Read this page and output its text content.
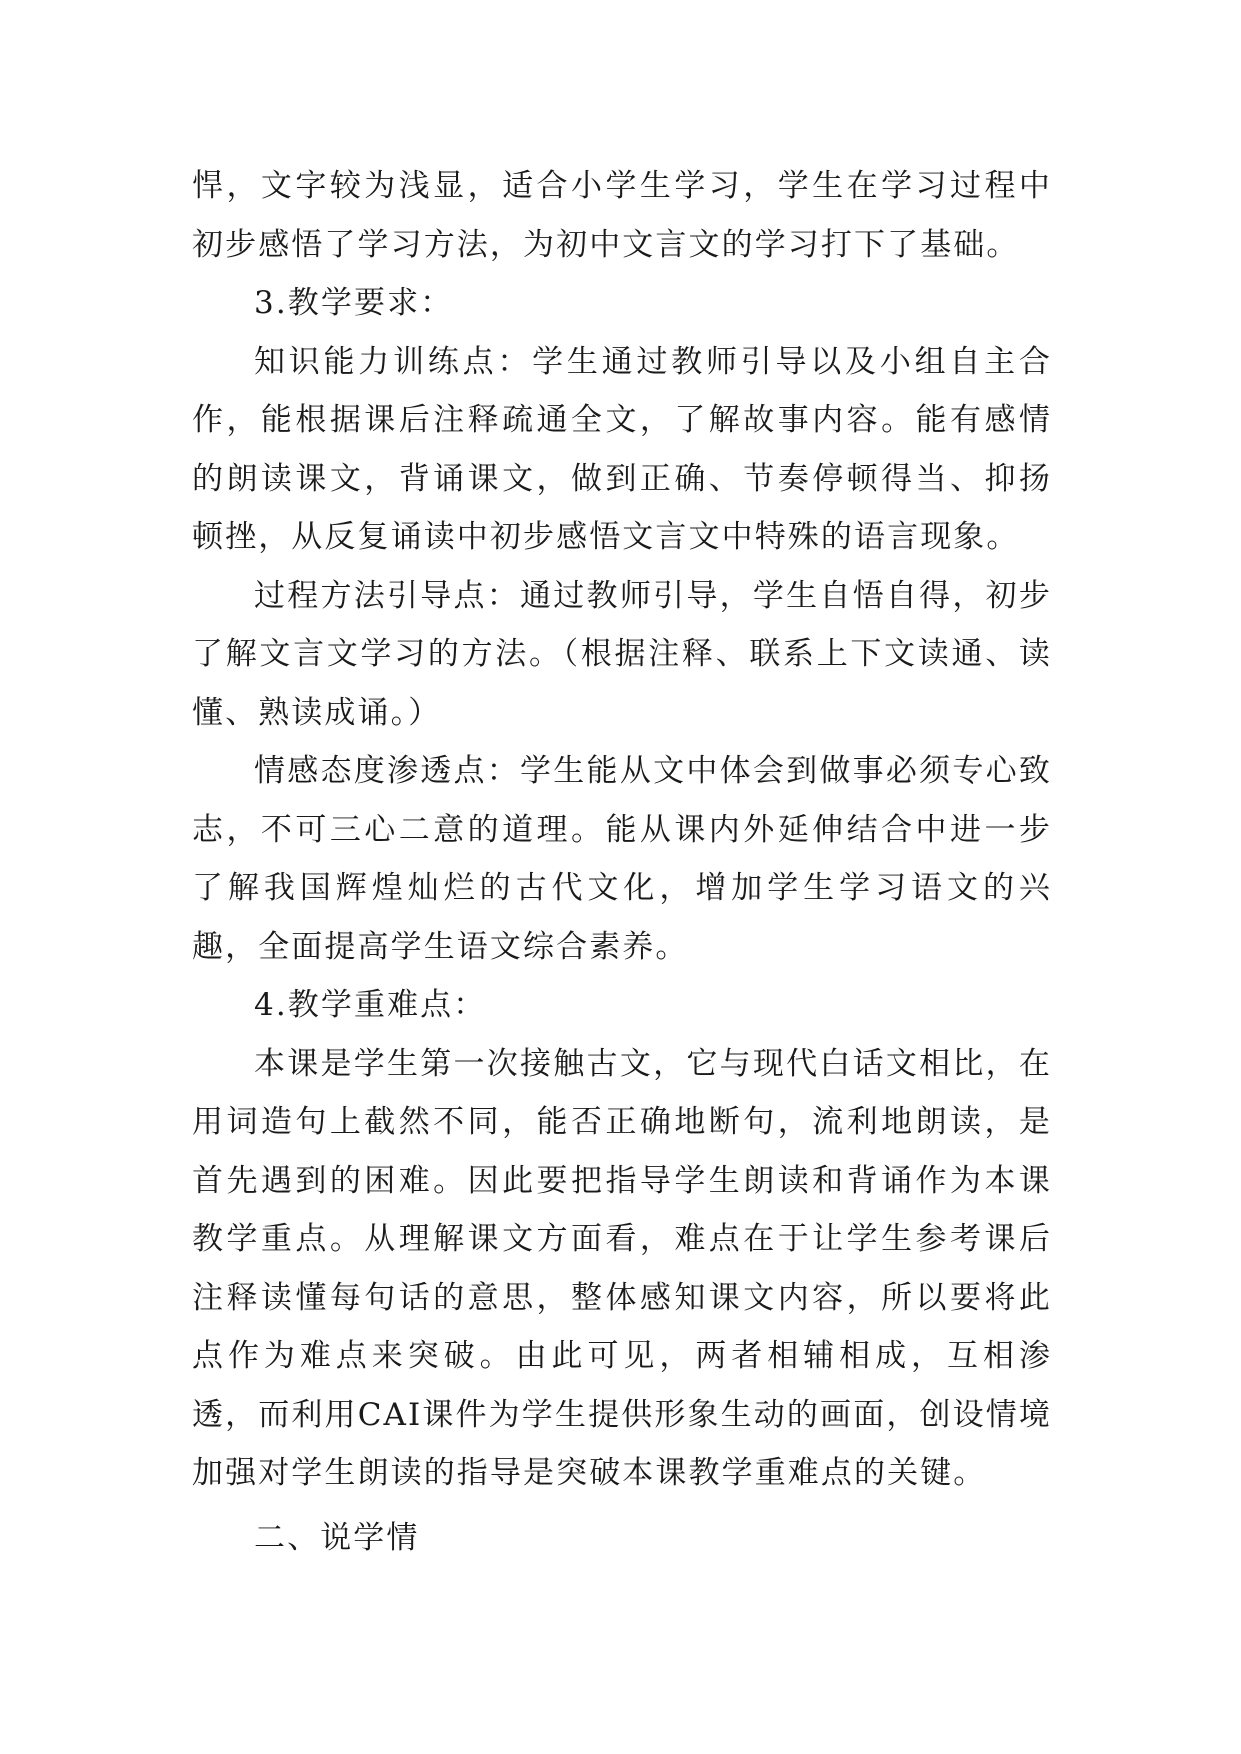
悍，文字较为浅显，适合小学生学习，学生在学习过程中初步感悟了学习方法，为初中文言文的学习打下了基础。

3.教学要求：

知识能力训练点：学生通过教师引导以及小组自主合作，能根据课后注释疏通全文，了解故事内容。能有感情的朗读课文，背诵课文，做到正确、节奏停顿得当、抑扬顿挫，从反复诵读中初步感悟文言文中特殊的语言现象。

过程方法引导点：通过教师引导，学生自悟自得，初步了解文言文学习的方法。（根据注释、联系上下文读通、读懂、熟读成诵。）

情感态度渗透点：学生能从文中体会到做事必须专心致志，不可三心二意的道理。能从课内外延伸结合中进一步了解我国辉煌灿烂的古代文化，增加学生学习语文的兴趣，全面提高学生语文综合素养。

4.教学重难点：

本课是学生第一次接触古文，它与现代白话文相比，在用词造句上截然不同，能否正确地断句，流利地朗读，是首先遇到的困难。因此要把指导学生朗读和背诵作为本课教学重点。从理解课文方面看，难点在于让学生参考课后注释读懂每句话的意思，整体感知课文内容，所以要将此点作为难点来突破。由此可见，两者相辅相成，互相渗透，而利用CAI课件为学生提供形象生动的画面，创设情境加强对学生朗读的指导是突破本课教学重难点的关键。

二、说学情
